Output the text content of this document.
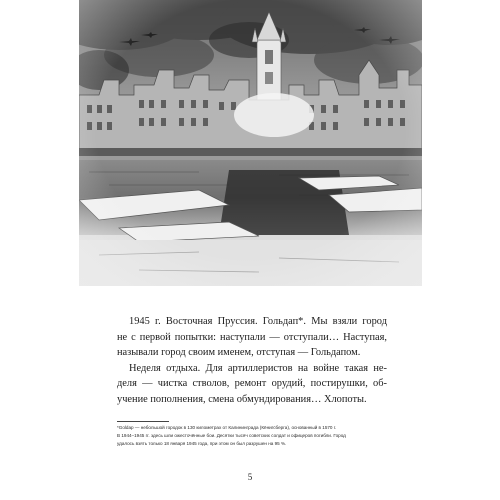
1945 г. Восточная Пруссия. Гольдап*. Мы взяли город
не с первой попытки: наступали — отступали… Наступая,
называли город своим именем, отступая — Гольдапом.
Неделя отдыха. Для артиллеристов на войне такая не-
деля — чистка стволов, ремонт орудий, постирушки, об-
учение пополнения, смена обмундирования… Хлопоты.
*Goldap — небольшой городок в 130 километрах от Калининграда (Кёнигсберга), основанный в 1570 г.
В 1944–1945 гг. здесь шли ожесточённые бои. Десятки тысяч советских солдат и офицеров погибли. Город
удалось взять только 18 января 1945 года, при этом он был разрушен на 95 %.
5
